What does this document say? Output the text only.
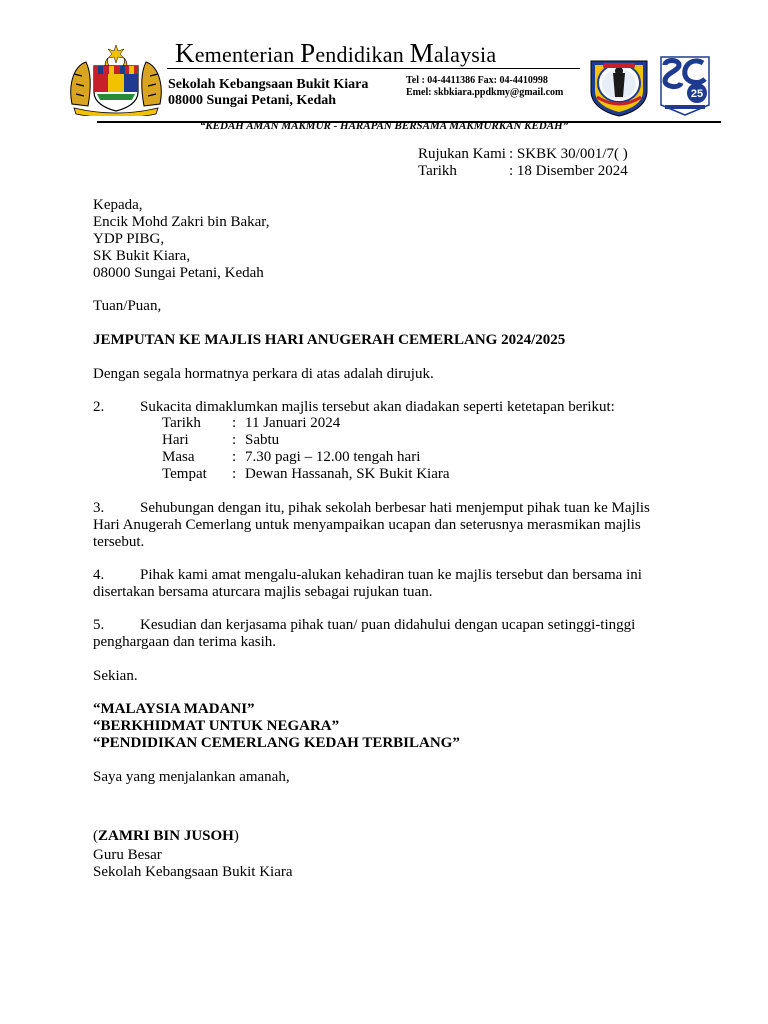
Kementerian Pendidikan Malaysia
Sekolah Kebangsaan Bukit Kiara
08000 Sungai Petani, Kedah
Tel : 04-4411386 Fax: 04-4410998
Emel: skbkiara.ppdkmy@gmail.com	25
“KEDAH AMAN MAKMUR - HARAPAN BERSAMA MAKMURKAN KEDAH”
Rujukan Kami : SKBK 30/001/7( )
Tarikh	: 18 Disember 2024
Kepada,
Encik Mohd Zakri bin Bakar,
YDP PIBG,
SK Bukit Kiara,
08000 Sungai Petani, Kedah
Tuan/Puan,
JEMPUTAN KE MAJLIS HARI ANUGERAH CEMERLANG 2024/2025
Dengan segala hormatnya perkara di atas adalah dirujuk.
2. Sukacita dimaklumkan majlis tersebut akan diadakan seperti ketetapan berikut:
Tarikh : 11 Januari 2024
Hari	: Sabtu
Masa	: 7.30 pagi – 12.00 tengah hari
Tempat : Dewan Hassanah, SK Bukit Kiara
3. Sehubungan dengan itu, pihak sekolah berbesar hati menjemput pihak tuan ke Majlis
Hari Anugerah Cemerlang untuk menyampaikan ucapan dan seterusnya merasmikan majlis
tersebut.
4. Pihak kami amat mengalu-alukan kehadiran tuan ke majlis tersebut dan bersama ini
disertakan bersama aturcara majlis sebagai rujukan tuan.
5. Kesudian dan kerjasama pihak tuan/ puan didahului dengan ucapan setinggi-tinggi
penghargaan dan terima kasih.
Sekian.
“MALAYSIA MADANI”
“BERKHIDMAT UNTUK NEGARA”
“PENDIDIKAN CEMERLANG KEDAH TERBILANG”
Saya yang menjalankan amanah,
(ZAMRI BIN JUSOH)
Guru Besar
Sekolah Kebangsaan Bukit Kiara
